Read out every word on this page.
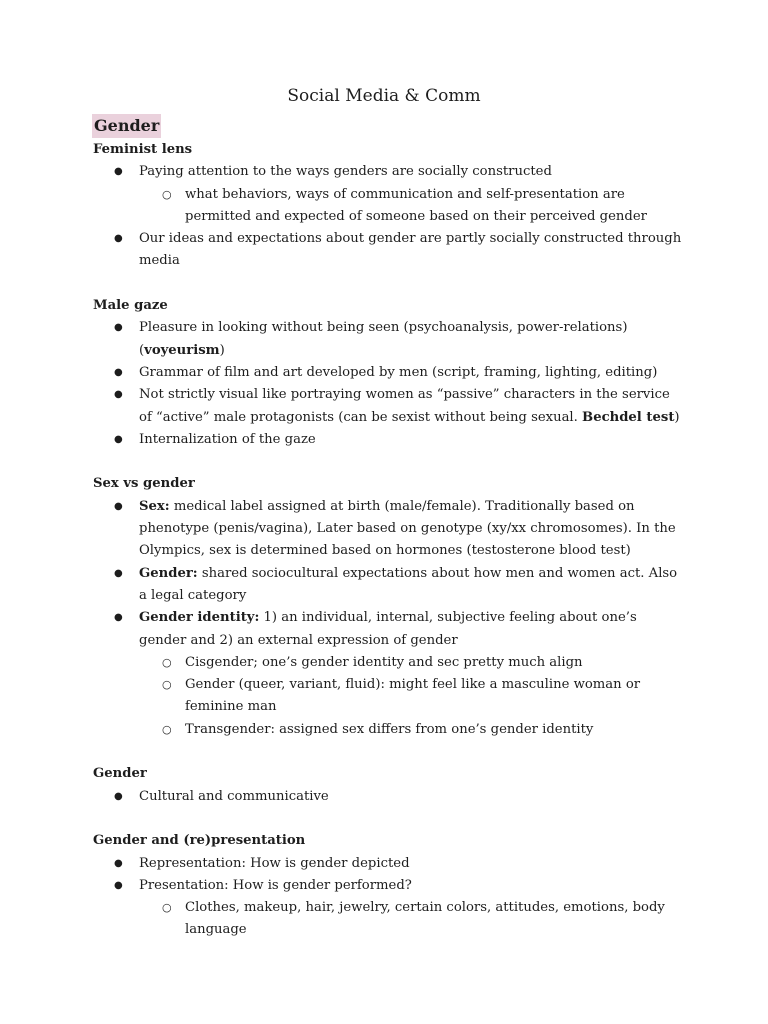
Social Media & Comm
Gender

Feminist lens

● Paying attention to the ways genders are socially constructed
○ what behaviors, ways of communication and self-presentation are permitted and expected of someone based on their perceived gender
● Our ideas and expectations about gender are partly socially constructed through media

Male gaze

● Pleasure in looking without being seen (psychoanalysis, power-relations) (voyeurism)
● Grammar of film and art developed by men (script, framing, lighting, editing)
● Not strictly visual like portraying women as “passive” characters in the service of “active” male protagonists (can be sexist without being sexual. Bechdel test)
● Internalization of the gaze

Sex vs gender

● Sex: medical label assigned at birth (male/female). Traditionally based on phenotype (penis/vagina), Later based on genotype (xy/xx chromosomes). In the Olympics, sex is determined based on hormones (testosterone blood test)
● Gender: shared sociocultural expectations about how men and women act. Also a legal category
● Gender identity: 1) an individual, internal, subjective feeling about one’s gender and 2) an external expression of gender
○ Cisgender; one’s gender identity and sec pretty much align
○ Gender (queer, variant, fluid): might feel like a masculine woman or feminine man
○ Transgender: assigned sex differs from one’s gender identity

Gender

● Cultural and communicative

Gender and (re)presentation

● Representation: How is gender depicted
● Presentation: How is gender performed?
○ Clothes, makeup, hair, jewelry, certain colors, attitudes, emotions, body language
